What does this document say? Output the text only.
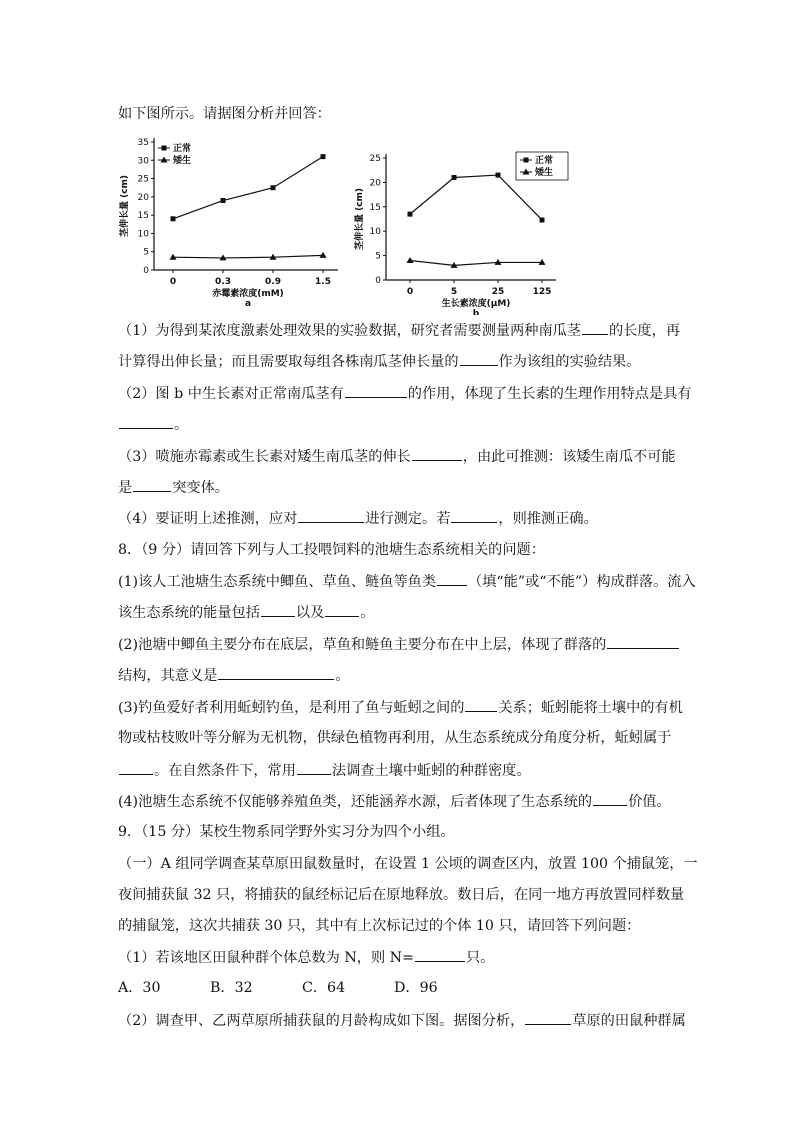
如下图所示。请据图分析并回答：
0
5
10
15
20
25
30
35
0	0.3	0.9	1.5
正常
矮生
赤霉素浓度(mM)
a
茎伸长量 (cm)
0
5
10
15
20
25
0	5	25	125
正常
矮生
生长素浓度(μM)
b
茎伸长量 (cm)
（1）为得到某浓度激素处理效果的实验数据，研究者需要测量两种南瓜茎 的长度，再
计算得出伸长量；而且需要取每组各株南瓜茎伸长量的	作为该组的实验结果。
（2）图 b 中生长素对正常南瓜茎有	的作用，体现了生长素的生理作用特点是具有
。
（3）喷施赤霉素或生长素对矮生南瓜茎的伸长	，由此可推测：该矮生南瓜不可能
是	突变体。
（4）要证明上述推测，应对	进行测定。若	，则推测正确。
8．（9 分）请回答下列与人工投喂饲料的池塘生态系统相关的问题：
(1)该人工池塘生态系统中鲫鱼、草鱼、鲢鱼等鱼类 （填“能”或“不能”）构成群落。流入
该生态系统的能量包括	以及	。
(2)池塘中鲫鱼主要分布在底层，草鱼和鲢鱼主要分布在中上层，体现了群落的
结构，其意义是	。
(3)钓鱼爱好者利用蚯蚓钓鱼，是利用了鱼与蚯蚓之间的 关系；蚯蚓能将土壤中的有机
物或枯枝败叶等分解为无机物，供绿色植物再利用，从生态系统成分角度分析，蚯蚓属于
。在自然条件下，常用	法调查土壤中蚯蚓的种群密度。
(4)池塘生态系统不仅能够养殖鱼类，还能涵养水源，后者体现了生态系统的	价值。
9．（15 分）某校生物系同学野外实习分为四个小组。
（一）A 组同学调查某草原田鼠数量时，在设置 1 公顷的调查区内，放置 100 个捕鼠笼，一
夜间捕获鼠 32 只，将捕获的鼠经标记后在原地释放。数日后，在同一地方再放置同样数量
的捕鼠笼，这次共捕获 30 只，其中有上次标记过的个体 10 只，请回答下列问题：
（1）若该地区田鼠种群个体总数为 N，则 N=	只。
A．30	B．32	C．64	D．96
（2）调查甲、乙两草原所捕获鼠的月龄构成如下图。据图分析，	草原的田鼠种群属
